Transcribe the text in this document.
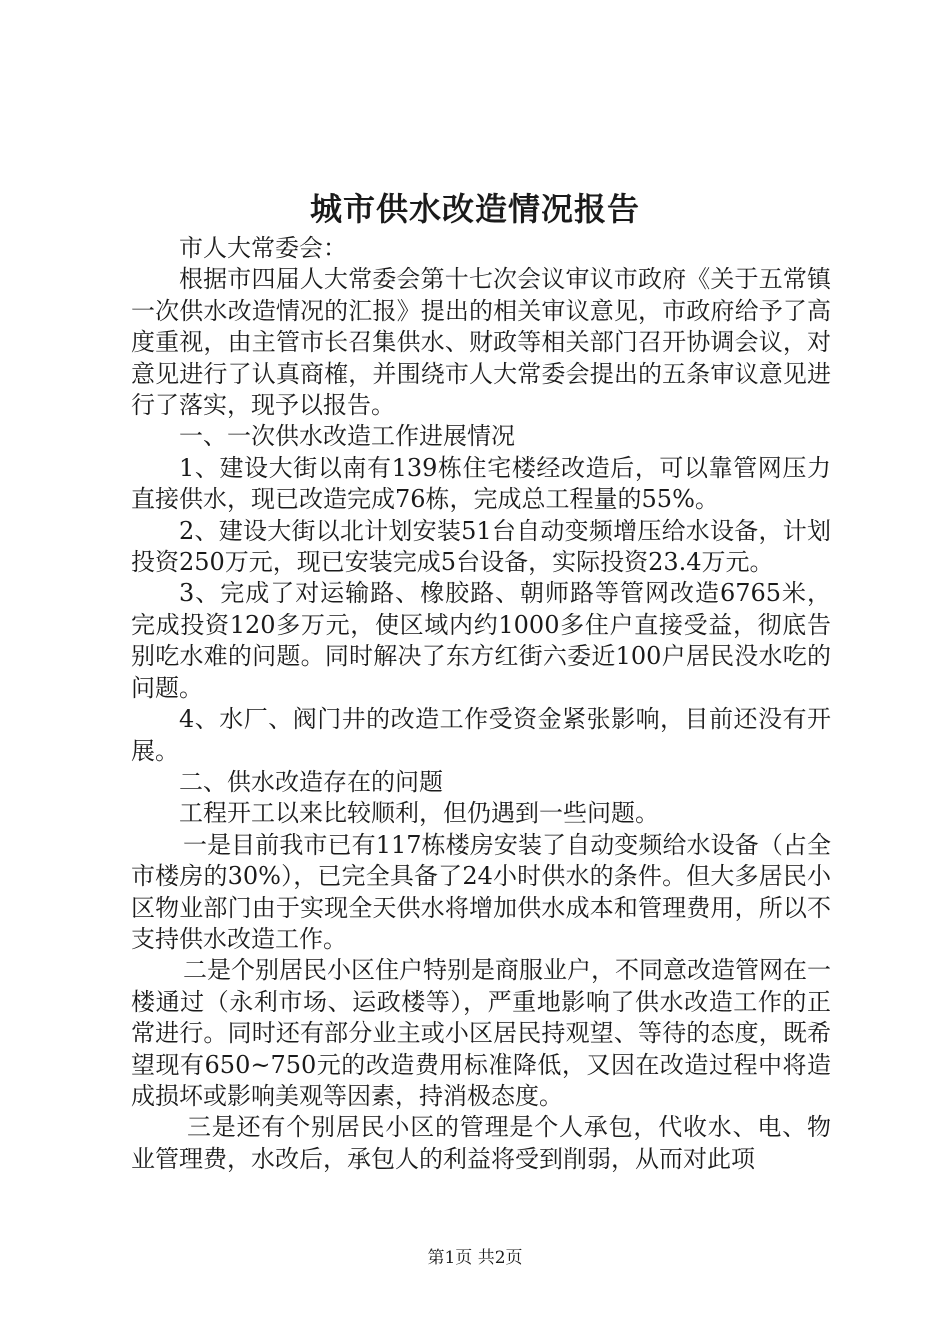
城市供水改造情况报告

市人大常委会：

根据市四届人大常委会第十七次会议审议市政府《关于五常镇一次供水改造情况的汇报》提出的相关审议意见，市政府给予了高度重视，由主管市长召集供水、财政等相关部门召开协调会议，对意见进行了认真商榷，并围绕市人大常委会提出的五条审议意见进行了落实，现予以报告。

一、一次供水改造工作进展情况

1、建设大街以南有139栋住宅楼经改造后，可以靠管网压力直接供水，现已改造完成76栋，完成总工程量的55%。

2、建设大街以北计划安装51台自动变频增压给水设备，计划投资250万元，现已安装完成5台设备，实际投资23.4万元。

3、完成了对运输路、橡胶路、朝师路等管网改造6765米，完成投资120多万元，使区域内约1000多住户直接受益，彻底告别吃水难的问题。同时解决了东方红街六委近100户居民没水吃的问题。

4、水厂、阀门井的改造工作受资金紧张影响，目前还没有开展。

二、供水改造存在的问题

工程开工以来比较顺利，但仍遇到一些问题。

一是目前我市已有117栋楼房安装了自动变频给水设备（占全市楼房的30%），已完全具备了24小时供水的条件。但大多居民小区物业部门由于实现全天供水将增加供水成本和管理费用，所以不支持供水改造工作。

二是个别居民小区住户特别是商服业户，不同意改造管网在一楼通过（永利市场、运政楼等），严重地影响了供水改造工作的正常进行。同时还有部分业主或小区居民持观望、等待的态度，既希望现有650~750元的改造费用标准降低，又因在改造过程中将造成损坏或影响美观等因素，持消极态度。

三是还有个别居民小区的管理是个人承包，代收水、电、物业管理费，水改后，承包人的利益将受到削弱，从而对此项

第1页 共2页
